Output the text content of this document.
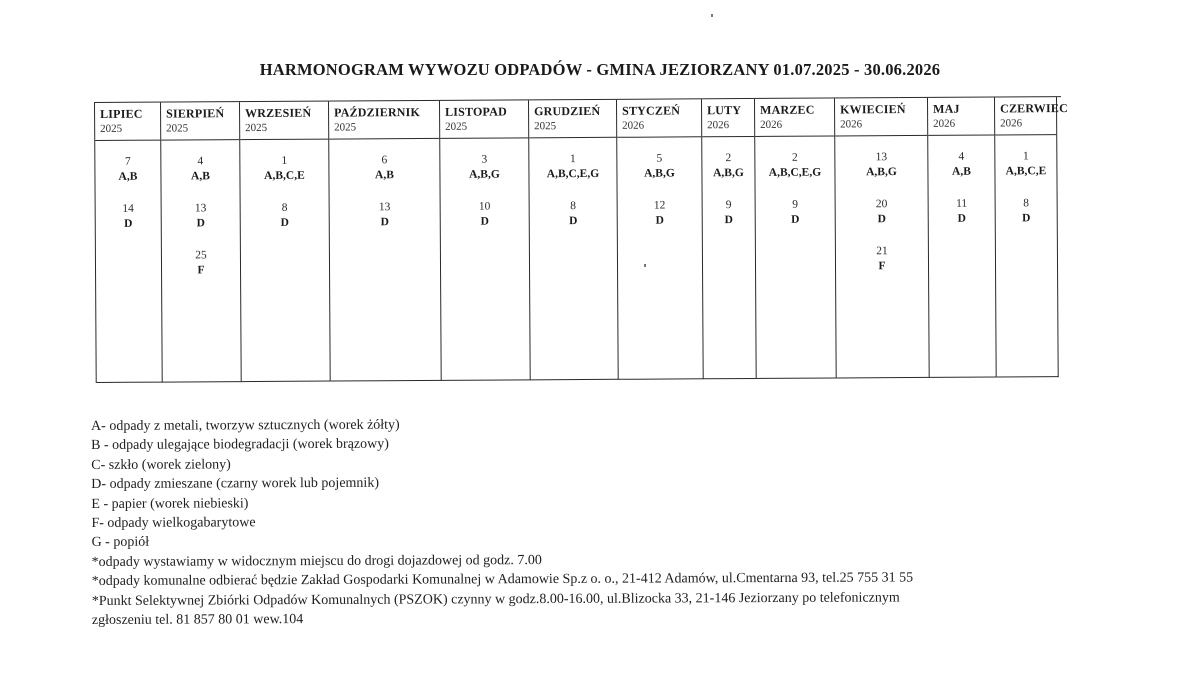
HARMONOGRAM WYWOZU ODPADÓW - GMINA JEZIORZANY 01.07.2025 - 30.06.2026
LIPIEC
2025
7
A,B
14
D
SIERPIEŃ
2025
4
A,B
13
D
25
F
WRZESIEŃ
2025
1
A,B,C,E
8
D
PAŹDZIERNIK
2025
6
A,B
13
D
LISTOPAD
2025
3
A,B,G
10
D
GRUDZIEŃ
2025
1
A,B,C,E,G
8
D
STYCZEŃ
2026
5
A,B,G
12
D
LUTY
2026
2
A,B,G
9
D
MARZEC
2026
2
A,B,C,E,G
9
D
KWIECIEŃ
2026
13
A,B,G
20
D
21
F
MAJ
2026
4
A,B
11
D
CZERWIEC
2026
1
A,B,C,E
8
D
A- odpady z metali, tworzyw sztucznych (worek żółty)
B - odpady ulegające biodegradacji (worek brązowy)
C- szkło (worek zielony)
D- odpady zmieszane (czarny worek lub pojemnik)
E - papier (worek niebieski)
F- odpady wielkogabarytowe
G - popiół
*odpady wystawiamy w widocznym miejscu do drogi dojazdowej od godz. 7.00
*odpady komunalne odbierać będzie Zakład Gospodarki Komunalnej w Adamowie Sp.z o. o., 21-412 Adamów, ul.Cmentarna 93, tel.25 755 31 55
*Punkt Selektywnej Zbiórki Odpadów Komunalnych (PSZOK) czynny w godz.8.00-16.00, ul.Blizocka 33, 21-146 Jeziorzany po telefonicznym
zgłoszeniu tel. 81 857 80 01 wew.104
